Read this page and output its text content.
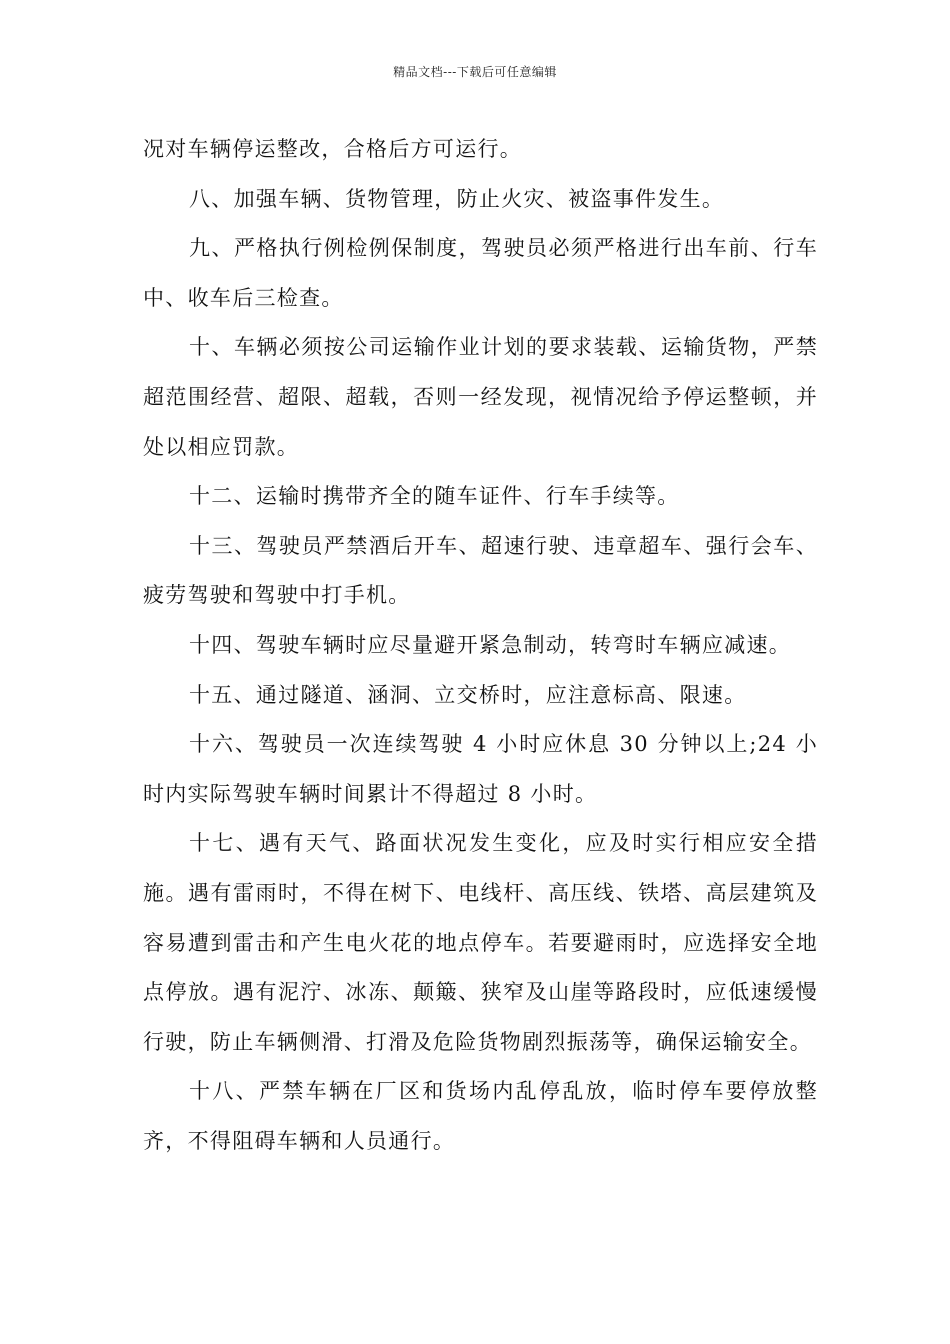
精品文档---下载后可任意编辑

况对车辆停运整改，合格后方可运行。

八、加强车辆、货物管理，防止火灾、被盗事件发生。

九、严格执行例检例保制度，驾驶员必须严格进行出车前、行车中、收车后三检查。

十、车辆必须按公司运输作业计划的要求装载、运输货物，严禁超范围经营、超限、超载，否则一经发现，视情况给予停运整顿，并处以相应罚款。

十二、运输时携带齐全的随车证件、行车手续等。

十三、驾驶员严禁酒后开车、超速行驶、违章超车、强行会车、疲劳驾驶和驾驶中打手机。

十四、驾驶车辆时应尽量避开紧急制动，转弯时车辆应减速。

十五、通过隧道、涵洞、立交桥时，应注意标高、限速。

十六、驾驶员一次连续驾驶 4 小时应休息 30 分钟以上;24 小时内实际驾驶车辆时间累计不得超过 8 小时。

十七、遇有天气、路面状况发生变化，应及时实行相应安全措施。遇有雷雨时，不得在树下、电线杆、高压线、铁塔、高层建筑及容易遭到雷击和产生电火花的地点停车。若要避雨时，应选择安全地点停放。遇有泥泞、冰冻、颠簸、狭窄及山崖等路段时，应低速缓慢行驶，防止车辆侧滑、打滑及危险货物剧烈振荡等，确保运输安全。

十八、严禁车辆在厂区和货场内乱停乱放，临时停车要停放整齐，不得阻碍车辆和人员通行。
